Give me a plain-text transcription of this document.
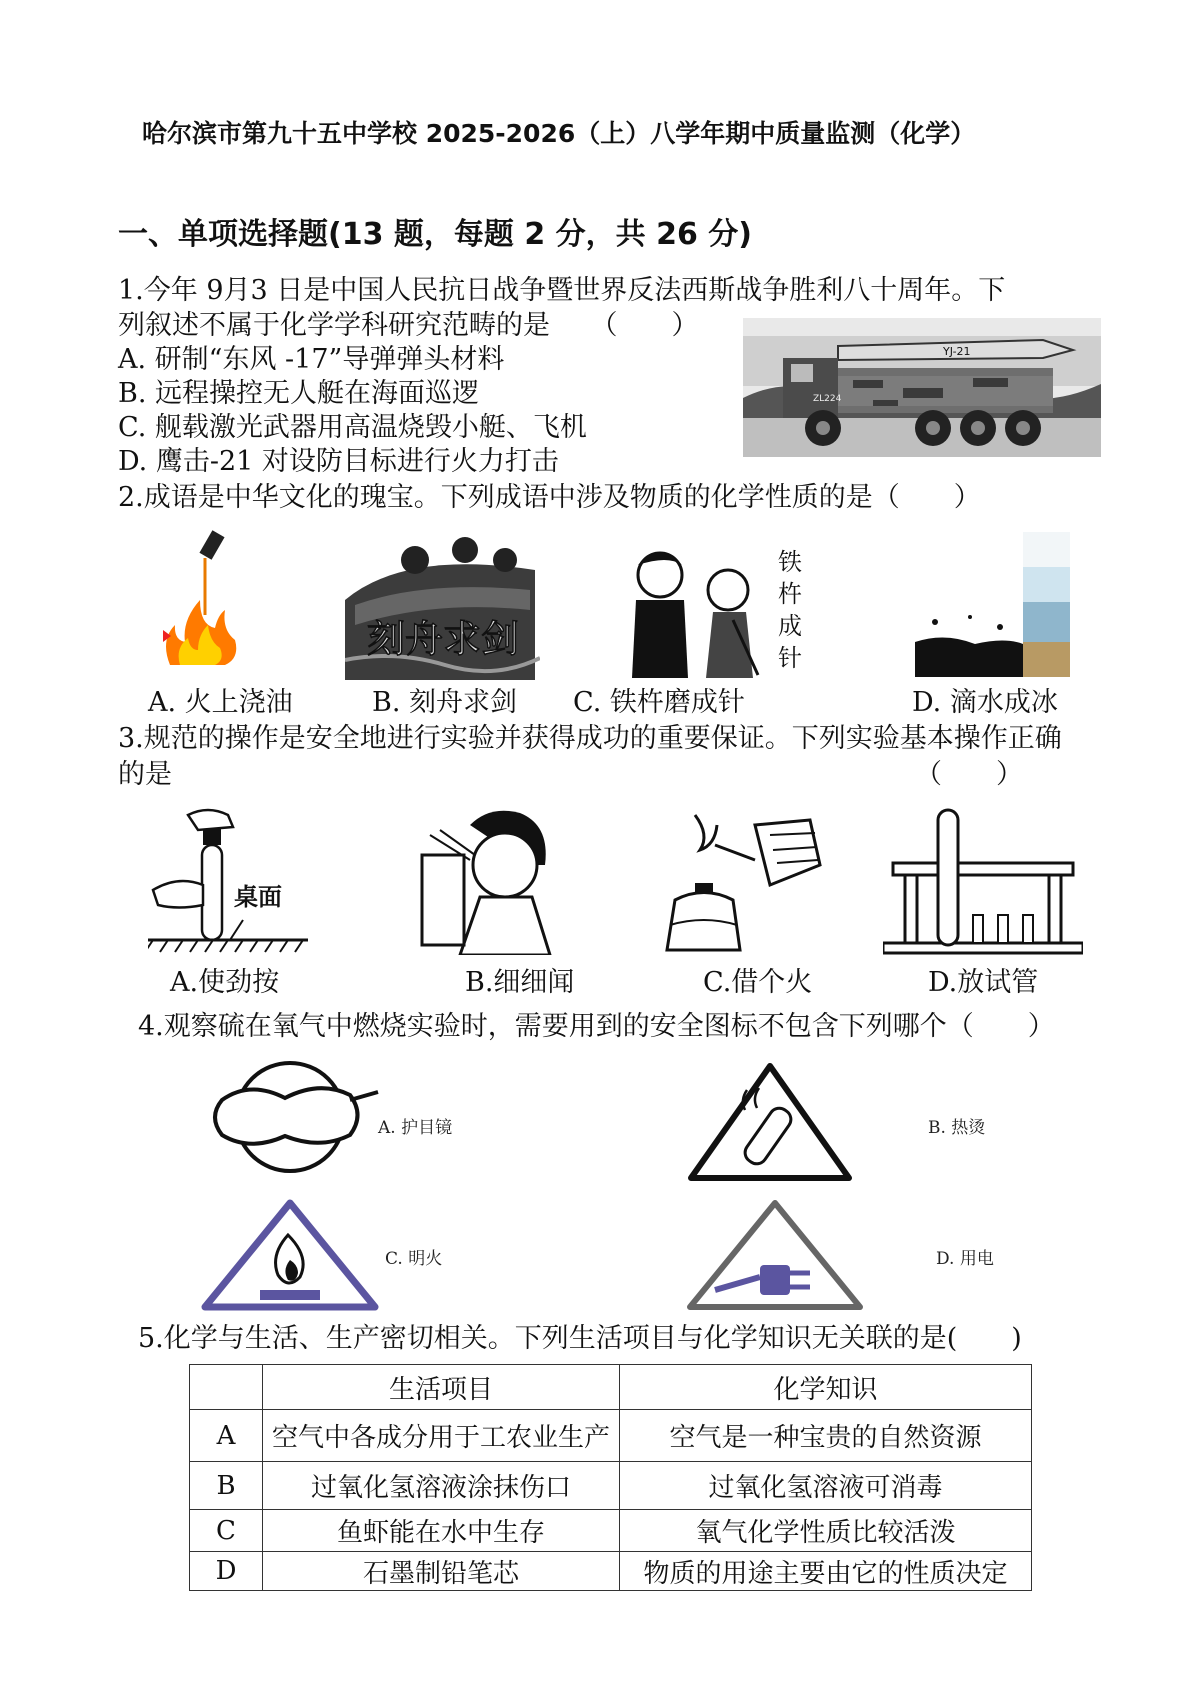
哈尔滨市第九十五中学校 2025-2026（上）八学年期中质量监测（化学）
一、单项选择题(13 题，每题 2 分，共 26 分)
1.今年 9月3 日是中国人民抗日战争暨世界反法西斯战争胜利八十周年。下
列叙述不属于化学学科研究范畴的是　　（　　）
A. 研制“东风 -17”导弹弹头材料
B. 远程操控无人艇在海面巡逻
C. 舰载激光武器用高温烧毁小艇、飞机
D. 鹰击-21 对设防目标进行火力打击
YJ-21
ZL224
2.成语是中华文化的瑰宝。下列成语中涉及物质的化学性质的是（　　）
刻舟求剑
铁
杵
成
针
A. 火上浇油	B. 刻舟求剑 C. 铁杵磨成针	D. 滴水成冰
3.规范的操作是安全地进行实验并获得成功的重要保证。下列实验基本操作正确
的是	（　　）
桌面
A.使劲按	B.细细闻	C.借个火	D.放试管
4.观察硫在氧气中燃烧实验时，需要用到的安全图标不包含下列哪个（　　）
A. 护目镜	B. 热烫
C. 明火	D. 用电
5.化学与生活、生产密切相关。下列生活项目与化学知识无关联的是(　　)
	生活项目	化学知识
A	空气中各成分用于工农业生产	空气是一种宝贵的自然资源
B	过氧化氢溶液涂抹伤口	过氧化氢溶液可消毒
C	鱼虾能在水中生存	氧气化学性质比较活泼
D	石墨制铅笔芯	物质的用途主要由它的性质决定
